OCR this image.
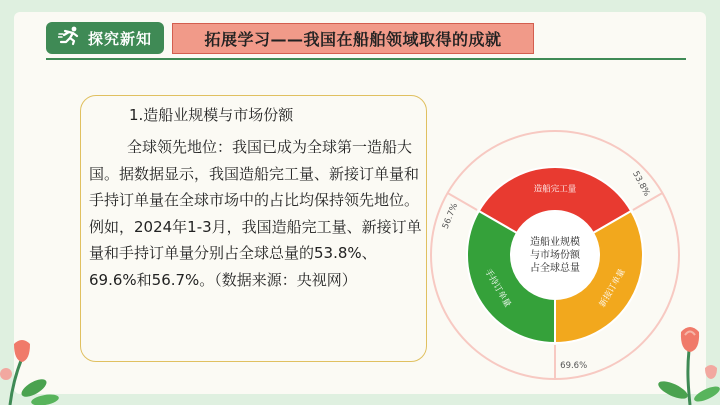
探究新知	拓展学习——我国在船舶领域取得的成就
1.造船业规模与市场份额
全球领先地位：我国已成为全球第一造船大国。据数据显示，我国造船完工量、新接订单量和手持订单量在全球市场中的占比均保持领先地位。例如，2024年1-3月，我国造船完工量、新接订单量和手持订单量分别占全球总量的53.8%、69.6%和56.7%。（数据来源：央视网）
造船完工量	53.8%
新接订单量
69.6%
手持订单量
56.7%
造船业规模
与市场份额
占全球总量
